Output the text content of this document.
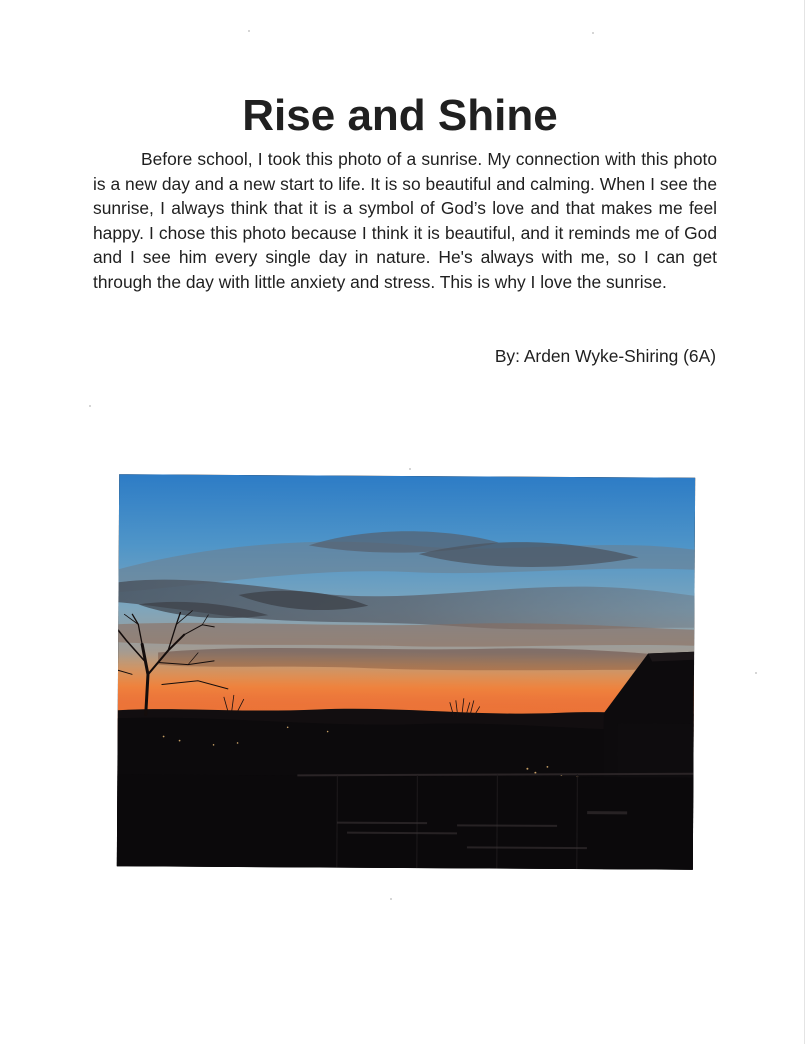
Rise and Shine

Before school, I took this photo of a sunrise. My connection with this photo is a new day and a new start to life. It is so beautiful and calming. When I see the sunrise, I always think that it is a symbol of God’s love and that makes me feel happy. I chose this photo because I think it is beautiful, and it reminds me of God and I see him every single day in nature. He's always with me, so I can get through the day with little anxiety and stress. This is why I love the sunrise.

By: Arden Wyke-Shiring (6A)
